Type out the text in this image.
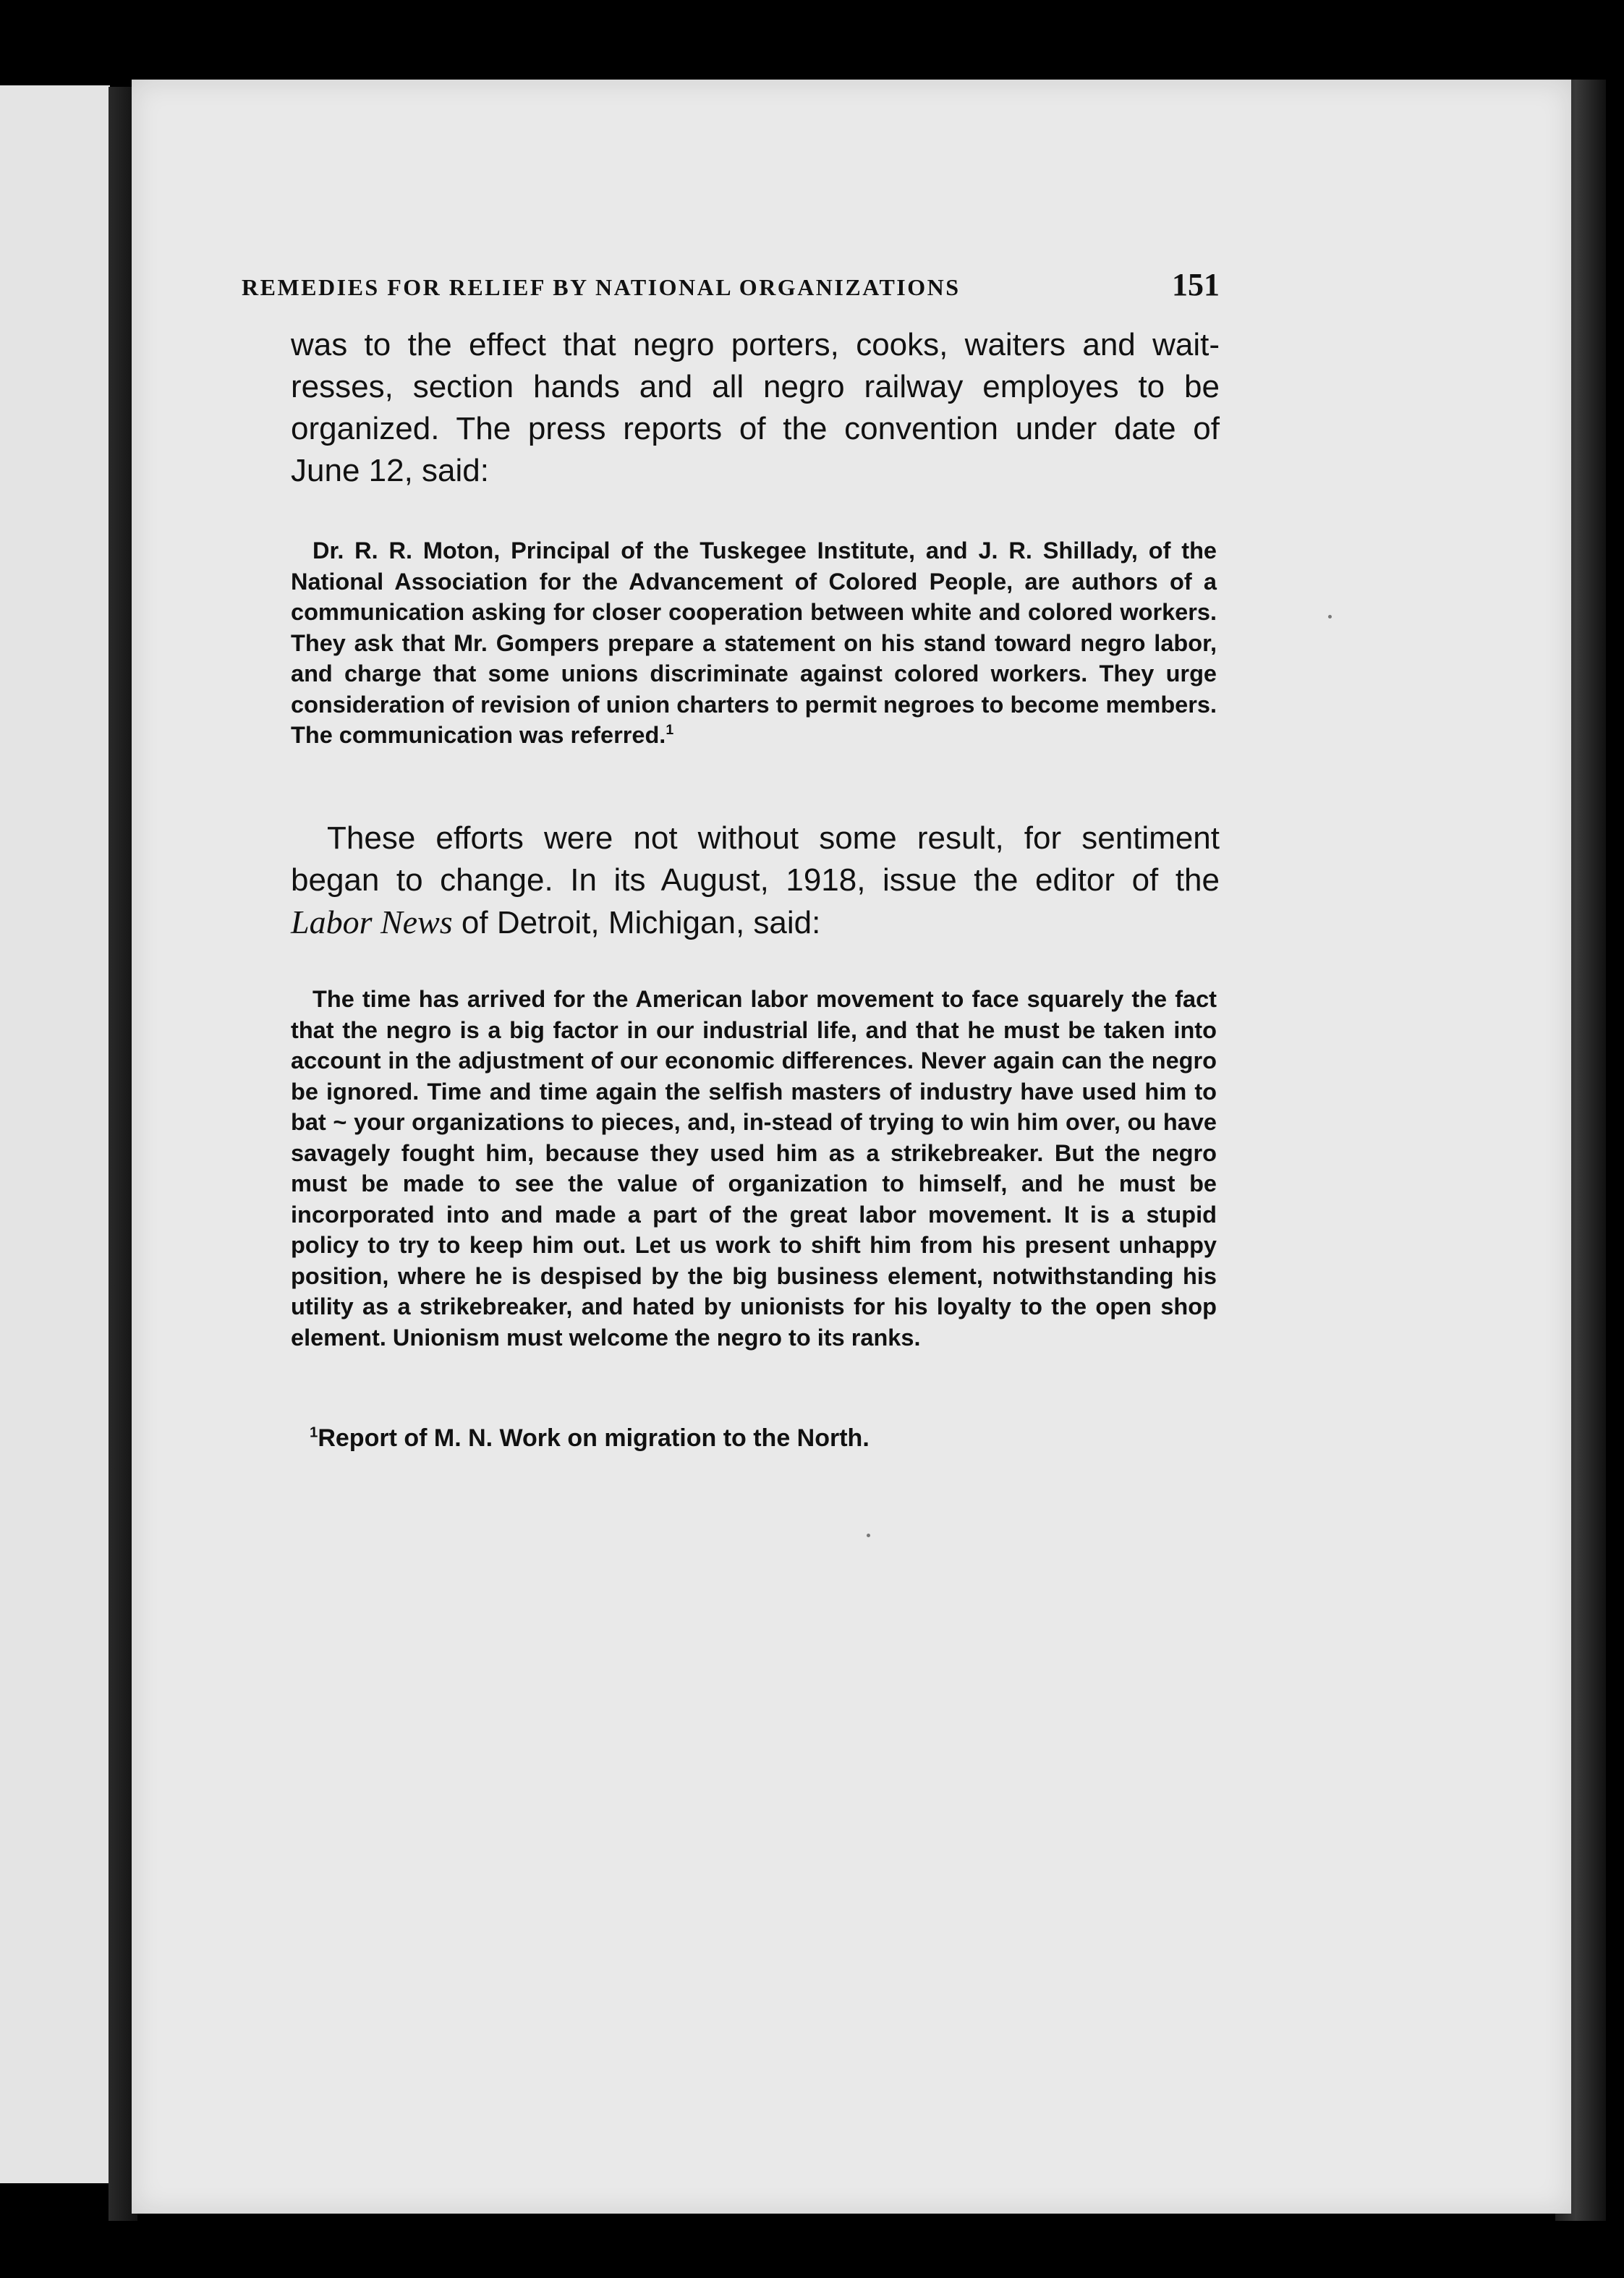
REMEDIES FOR RELIEF BY NATIONAL ORGANIZATIONS	151

was to the effect that negro porters, cooks, waiters and wait-resses, section hands and all negro railway employes to be organized. The press reports of the convention under date of June 12, said:

Dr. R. R. Moton, Principal of the Tuskegee Institute, and J. R. Shillady, of the National Association for the Advancement of Colored People, are authors of a communication asking for closer cooperation between white and colored workers. They ask that Mr. Gompers prepare a statement on his stand toward negro labor, and charge that some unions discriminate against colored workers. They urge consideration of revision of union charters to permit negroes to become members. The communication was referred.$^1$

These efforts were not without some result, for sentiment began to change. In its August, 1918, issue the editor of the Labor News of Detroit, Michigan, said:

The time has arrived for the American labor movement to face squarely the fact that the negro is a big factor in our industrial life, and that he must be taken into account in the adjustment of our economic differences. Never again can the negro be ignored. Time and time again the selfish masters of industry have used him to bat ~ your organizations to pieces, and, in-stead of trying to win him over, ou have savagely fought him, because they used him as a strikebreaker. But the negro must be made to see the value of organization to himself, and he must be incorporated into and made a part of the great labor movement. It is a stupid policy to try to keep him out. Let us work to shift him from his present unhappy position, where he is despised by the big business element, notwithstanding his utility as a strikebreaker, and hated by unionists for his loyalty to the open shop element. Unionism must welcome the negro to its ranks.

$^1$Report of M. N. Work on migration to the North.
